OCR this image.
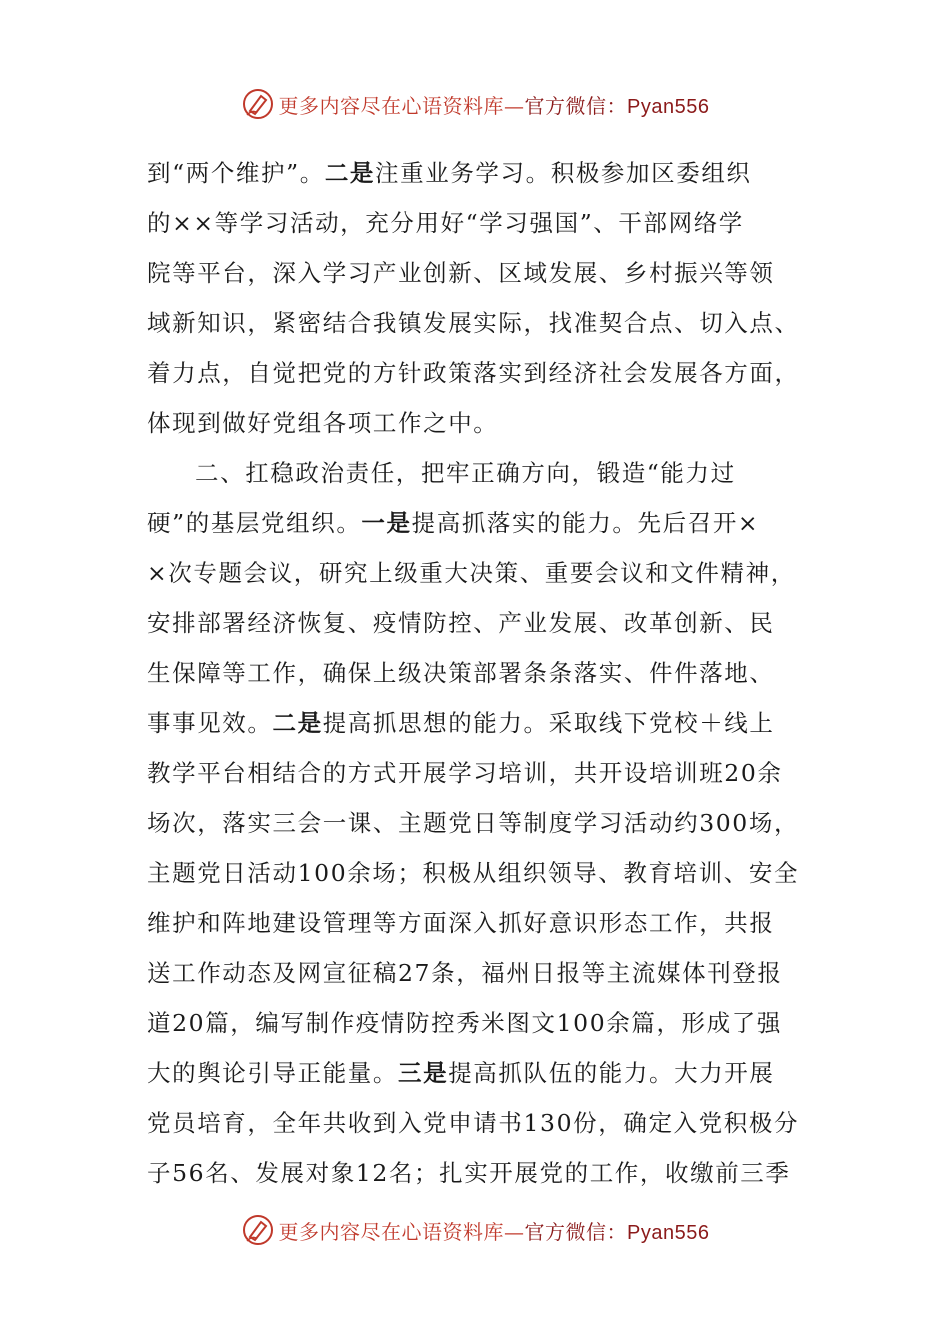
更多内容尽在心语资料库—官方微信：Pyan556
到“两个维护”。二是注重业务学习。积极参加区委组织
的××等学习活动，充分用好“学习强国”、干部网络学
院等平台，深入学习产业创新、区域发展、乡村振兴等领
域新知识，紧密结合我镇发展实际，找准契合点、切入点、
着力点，自觉把党的方针政策落实到经济社会发展各方面，
体现到做好党组各项工作之中。
二、扛稳政治责任，把牢正确方向，锻造“能力过
硬”的基层党组织。一是提高抓落实的能力。先后召开×
×次专题会议，研究上级重大决策、重要会议和文件精神，
安排部署经济恢复、疫情防控、产业发展、改革创新、民
生保障等工作，确保上级决策部署条条落实、件件落地、
事事见效。二是提高抓思想的能力。采取线下党校＋线上
教学平台相结合的方式开展学习培训，共开设培训班20余
场次，落实三会一课、主题党日等制度学习活动约300场，
主题党日活动100余场；积极从组织领导、教育培训、安全
维护和阵地建设管理等方面深入抓好意识形态工作，共报
送工作动态及网宣征稿27条，福州日报等主流媒体刊登报
道20篇，编写制作疫情防控秀米图文100余篇，形成了强
大的舆论引导正能量。三是提高抓队伍的能力。大力开展
党员培育，全年共收到入党申请书130份，确定入党积极分
子56名、发展对象12名；扎实开展党的工作，收缴前三季
更多内容尽在心语资料库—官方微信：Pyan556
